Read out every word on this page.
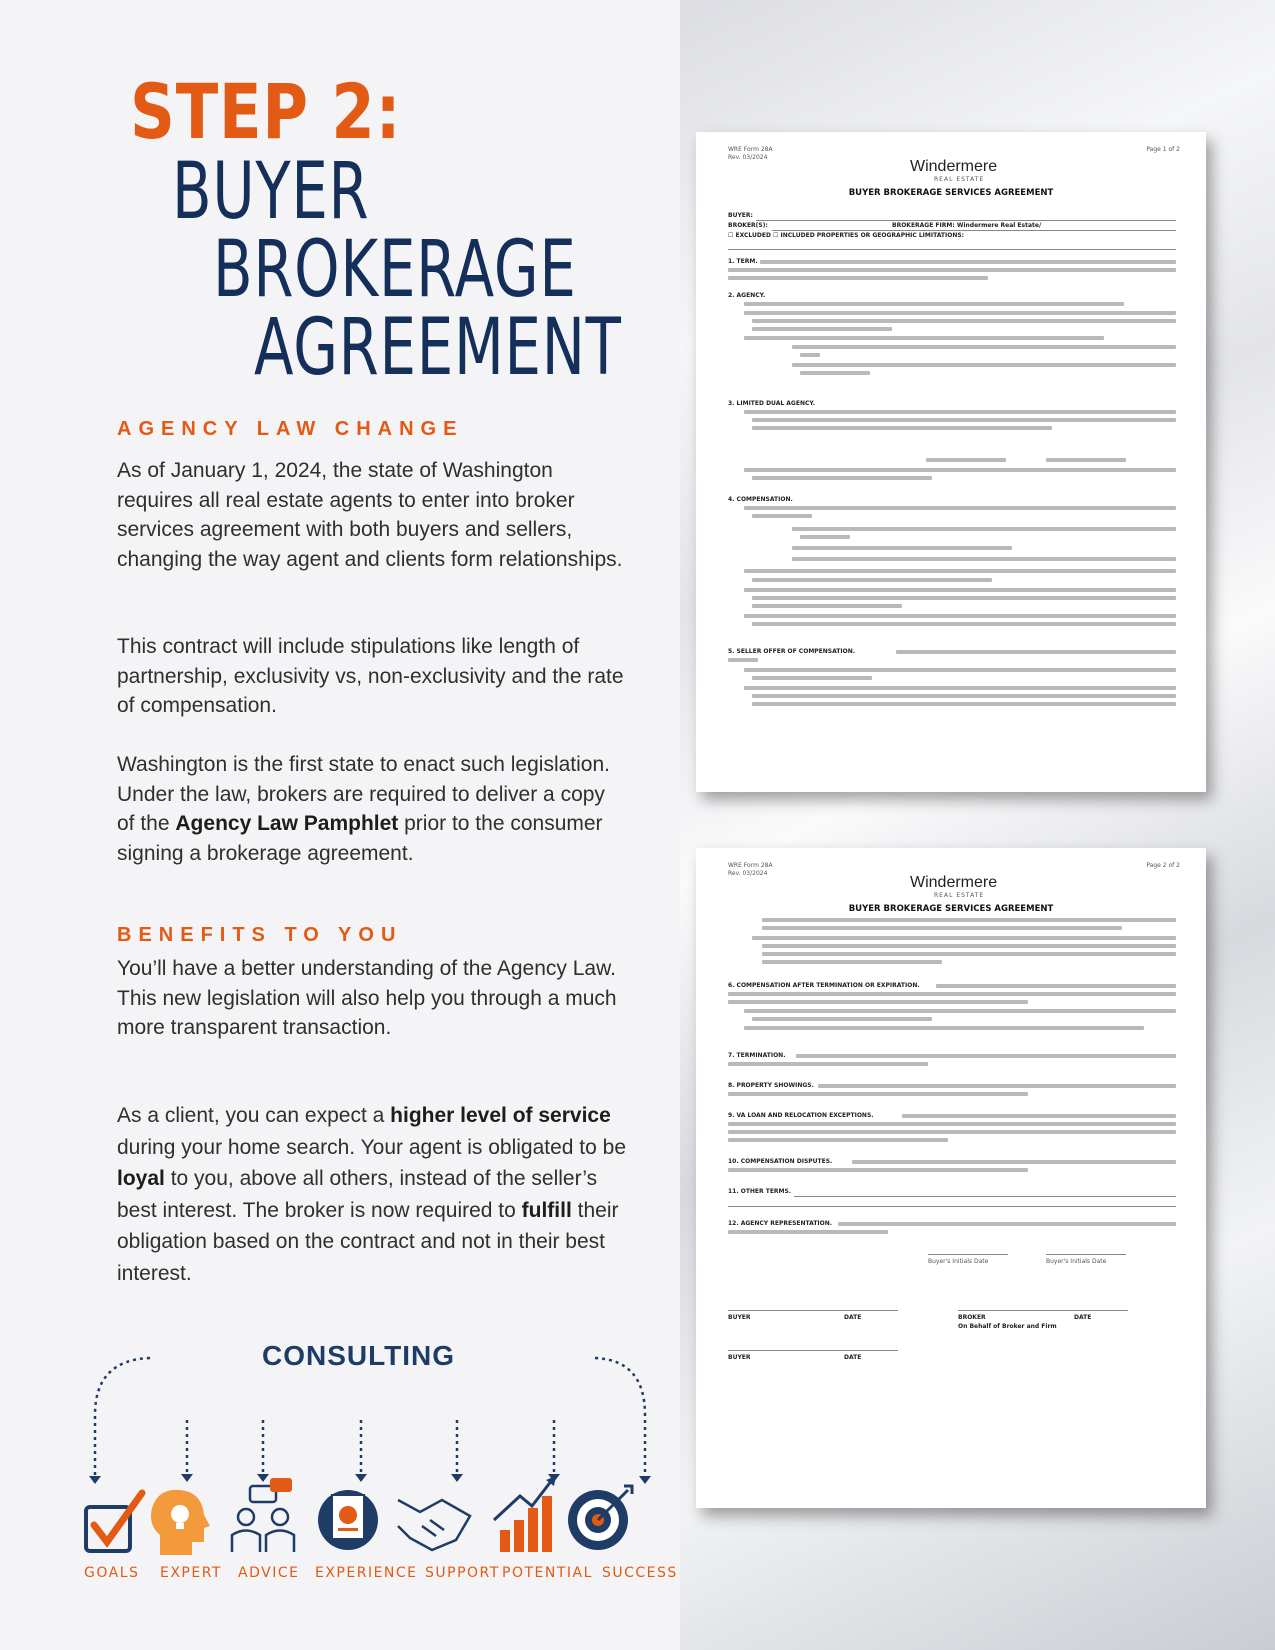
STEP 2:
BUYER
BROKERAGE
AGREEMENT
AGENCY LAW CHANGE
As of January 1, 2024, the state of Washington requires all real estate agents to enter into broker services agreement with both buyers and sellers, changing the way agent and clients form relationships.
This contract will include stipulations like length of partnership, exclusivity vs, non-exclusivity and the rate of compensation.
Washington is the first state to enact such legislation. Under the law, brokers are required to deliver a copy of the Agency Law Pamphlet prior to the consumer signing a brokerage agreement.
BENEFITS TO YOU
You’ll have a better understanding of the Agency Law. This new legislation will also help you through a much more transparent transaction.
As a client, you can expect a higher level of service during your home search. Your agent is obligated to be loyal to you, above all others, instead of the seller’s best interest. The broker is now required to fulfill their obligation based on the contract and not in their best interest.
CONSULTING
GOALS EXPERT ADVICE EXPERIENCE SUPPORT POTENTIAL SUCCESS
WRE Form 28A
Rev. 03/2024
Page 1 of 2
Windermere
REAL ESTATE
BUYER BROKERAGE SERVICES AGREEMENT
BUYER:
BROKER(S):	BROKERAGE FIRM: Windermere Real Estate/
☐ EXCLUDED ☐ INCLUDED PROPERTIES OR GEOGRAPHIC LIMITATIONS:
1. TERM.
2. AGENCY.
3. LIMITED DUAL AGENCY.
4. COMPENSATION.
5. SELLER OFFER OF COMPENSATION.
WRE Form 28A
Rev. 03/2024
Page 2 of 2
Windermere
REAL ESTATE
BUYER BROKERAGE SERVICES AGREEMENT
6. COMPENSATION AFTER TERMINATION OR EXPIRATION.
7. TERMINATION.
8. PROPERTY SHOWINGS.
9. VA LOAN AND RELOCATION EXCEPTIONS.
10. COMPENSATION DISPUTES.
11. OTHER TERMS.
12. AGENCY REPRESENTATION.
Buyer's Initials Date	Buyer's Initials Date
BUYER	DATE	BROKER	DATE
On Behalf of Broker and Firm
BUYER	DATE
